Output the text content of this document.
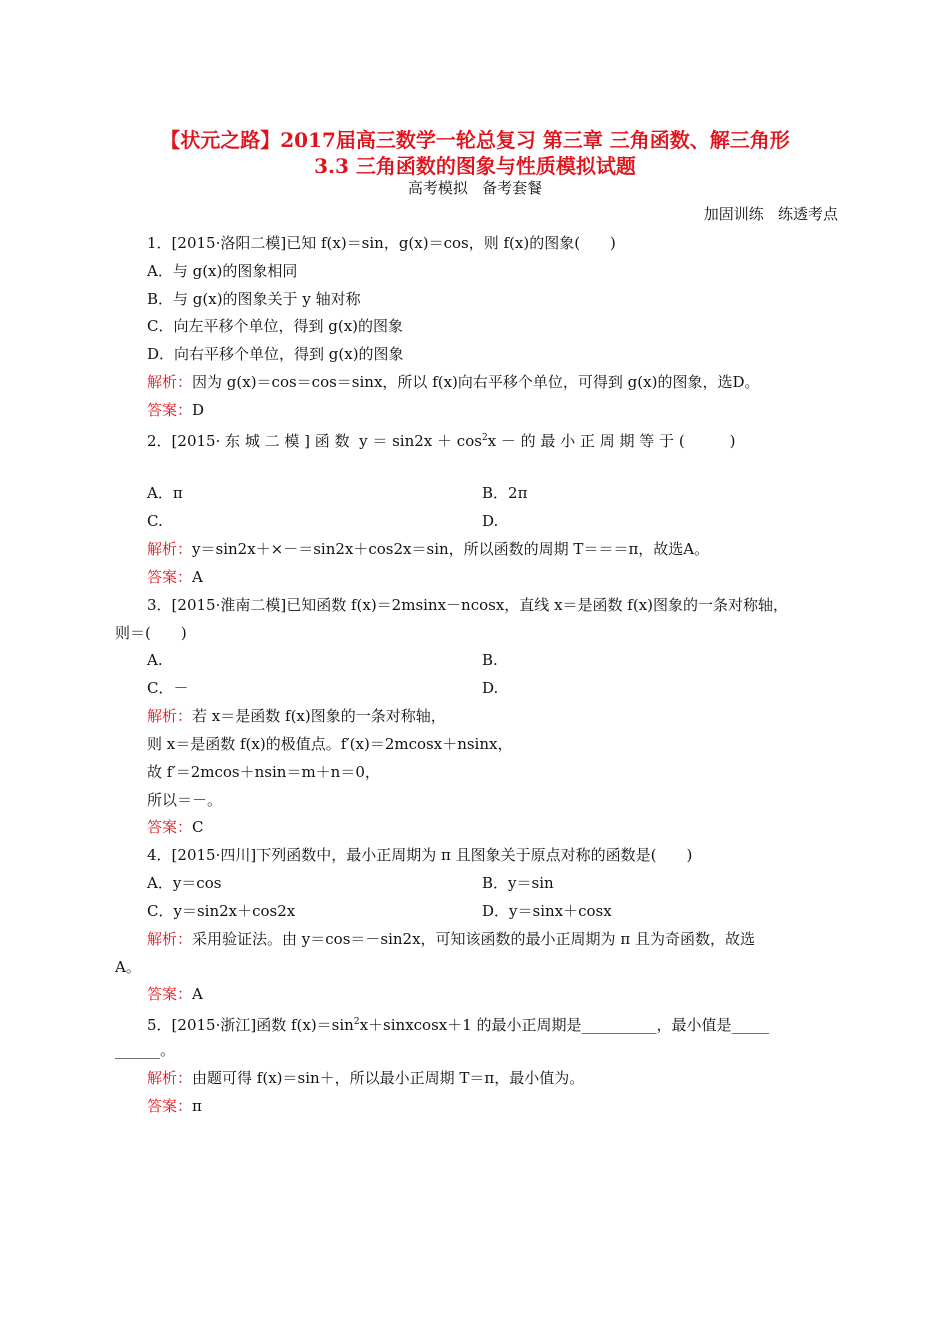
【状元之路】2017届高三数学一轮总复习 第三章 三角函数、解三角形
3.3 三角函数的图象与性质模拟试题
高考模拟   备考套餐
加固训练   练透考点
1．[2015·洛阳二模]已知 f(x)＝sin，g(x)＝cos，则 f(x)的图象(　　)
A．与 g(x)的图象相同
B．与 g(x)的图象关于 y 轴对称
C．向左平移个单位，得到 g(x)的图象
D．向右平移个单位，得到 g(x)的图象
解析：因为 g(x)＝cos＝cos＝sinx，所以 f(x)向右平移个单位，可得到 g(x)的图象，选D。
答案：D
2．[2015· 东 城 二 模 ] 函 数  $y = \sin 2x + \cos^2x$ － 的 最 小 正 周 期 等 于 (　　　)
A．π	B．2π
C.	D.
解析：y＝sin2x＋×－＝sin2x＋cos2x＝sin，所以函数的周期 T＝＝＝π，故选A。
答案：A
3．[2015·淮南二模]已知函数 f(x)＝2msinx－ncosx，直线 x＝是函数 f(x)图象的一条对称轴，
则＝(　　)
A.	B.
C．－	D.
解析：若 x＝是函数 f(x)图象的一条对称轴，
则 x＝是函数 f(x)的极值点。f′(x)＝2mcosx＋nsinx，
故 f′＝2mcos＋nsin＝m＋n＝0，
所以＝－。
答案：C
4．[2015·四川]下列函数中，最小正周期为 π 且图象关于原点对称的函数是(　　)
A．y＝cos	B．y＝sin
C．y＝sin2x＋cos2x	D．y＝sinx＋cosx
解析：采用验证法。由 y＝cos＝－sin2x，可知该函数的最小正周期为 π 且为奇函数，故选
A。
答案：A
5．[2015·浙江]函数 $f(x)=\sin^2x+sinxcosx+1$ 的最小正周期是__________，最小值是_____
______。
解析：由题可得 f(x)＝sin＋，所以最小正周期 T＝π，最小值为。
答案：π
